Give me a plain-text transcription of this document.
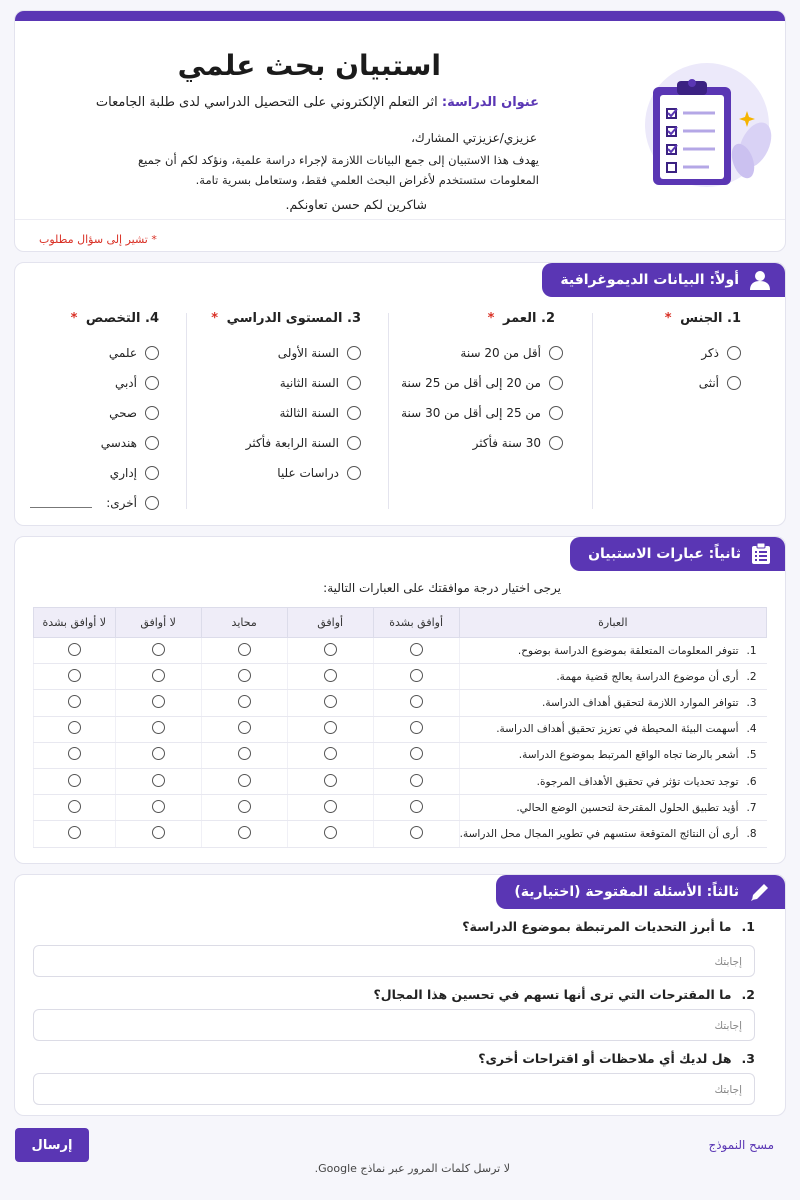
استبيان بحث علمي
عنوان الدراسة: اثر التعلم الإلكتروني على التحصيل الدراسي لدى طلبة الجامعات
عزيزي/عزيزتي المشارك،
يهدف هذا الاستبيان إلى جمع البيانات اللازمة لإجراء دراسة علمية، ونؤكد لكم أن جميع المعلومات ستستخدم لأغراض البحث العلمي فقط، وستعامل بسرية تامة.
شاكرين لكم حسن تعاونكم.
* تشير إلى سؤال مطلوب
أولاً: البيانات الديموغرافية
1. الجنس *
ذكر
أنثى
2. العمر *
أقل من 20 سنة
من 20 إلى أقل من 25 سنة
من 25 إلى أقل من 30 سنة
30 سنة فأكثر
3. المستوى الدراسي *
السنة الأولى
السنة الثانية
السنة الثالثة
السنة الرابعة فأكثر
دراسات عليا
4. التخصص *
علمي
أدبي
صحي
هندسي
إداري
أخرى:
ثانياً: عبارات الاستبيان
يرجى اختيار درجة موافقتك على العبارات التالية:
العبارة	أوافق بشدة	أوافق	محايد	لا أوافق	لا أوافق بشدة
1.تتوفر المعلومات المتعلقة بموضوع الدراسة بوضوح.					
2.أرى أن موضوع الدراسة يعالج قضية مهمة.					
3.تتوافر الموارد اللازمة لتحقيق أهداف الدراسة.					
4.أسهمت البيئة المحيطة في تعزيز تحقيق أهداف الدراسة.					
5.أشعر بالرضا تجاه الواقع المرتبط بموضوع الدراسة.					
6.توجد تحديات تؤثر في تحقيق الأهداف المرجوة.					
7.أؤيد تطبيق الحلول المقترحة لتحسين الوضع الحالي.					
8.أرى أن النتائج المتوقعة ستسهم في تطوير المجال محل الدراسة.					
ثالثاً: الأسئلة المفتوحة (اختيارية)
1.ما أبرز التحديات المرتبطة بموضوع الدراسة؟
إجابتك
2.ما المقترحات التي ترى أنها تسهم في تحسين هذا المجال؟
إجابتك
3.هل لديك أي ملاحظات أو اقتراحات أخرى؟
إجابتك
إرسال	مسح النموذج
لا ترسل كلمات المرور عبر نماذج Google.
